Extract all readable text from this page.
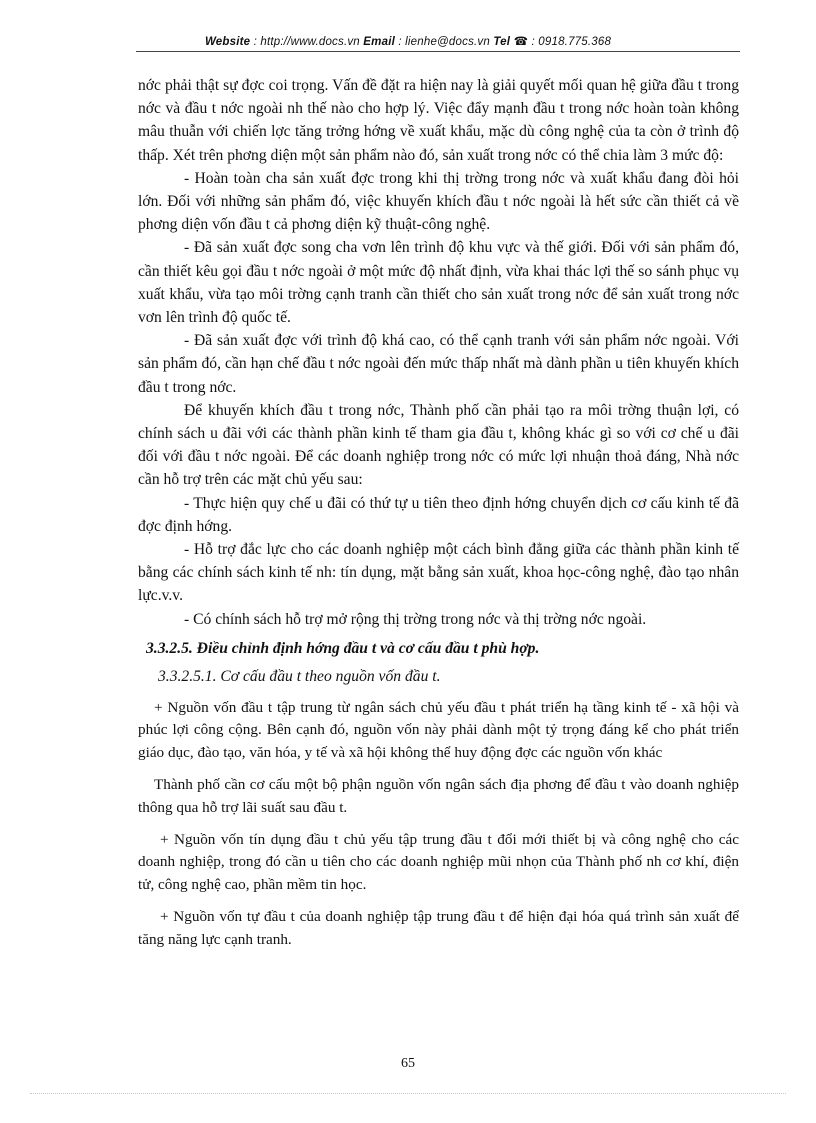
Website : http://www.docs.vn Email : lienhe@docs.vn Tel ☎ : 0918.775.368

nớc phải thật sự đợc coi trọng. Vấn đề đặt ra hiện nay là giải quyết mối quan hệ giữa đầu t trong nớc và đầu t nớc ngoài nh thế nào cho hợp lý. Việc đẩy mạnh đầu t trong nớc hoàn toàn không mâu thuẫn với chiến lợc tăng trởng hớng về xuất khẩu, mặc dù công nghệ của ta còn ở trình độ thấp. Xét trên phơng diện một sản phẩm nào đó, sản xuất trong nớc có thể chia làm 3 mức độ:

- Hoàn toàn cha sản xuất đợc trong khi thị trờng trong nớc và xuất khẩu đang đòi hỏi lớn. Đối với những sản phẩm đó, việc khuyến khích đầu t nớc ngoài là hết sức cần thiết cả về phơng diện vốn đầu t cả phơng diện kỹ thuật-công nghệ.

- Đã sản xuất đợc song cha vơn lên trình độ khu vực và thế giới. Đối với sản phẩm đó, cần thiết kêu gọi đầu t nớc ngoài ở một mức độ nhất định, vừa khai thác lợi thế so sánh phục vụ xuất khẩu, vừa tạo môi trờng cạnh tranh cần thiết cho sản xuất trong nớc để sản xuất trong nớc vơn lên trình độ quốc tế.

- Đã sản xuất đợc với trình độ khá cao, có thể cạnh tranh với sản phẩm nớc ngoài. Với sản phẩm đó, cần hạn chế đầu t nớc ngoài đến mức thấp nhất mà dành phần u tiên khuyến khích đầu t trong nớc.

Để khuyến khích đầu t trong nớc, Thành phố cần phải tạo ra môi trờng thuận lợi, có chính sách u đãi với các thành phần kinh tế tham gia đầu t, không khác gì so với cơ chế u đãi đối với đầu t nớc ngoài. Để các doanh nghiệp trong nớc có mức lợi nhuận thoả đáng, Nhà nớc cần hỗ trợ trên các mặt chủ yếu sau:

- Thực hiện quy chế u đãi có thứ tự u tiên theo định hớng chuyển dịch cơ cấu kinh tế đã đợc định hớng.

- Hỗ trợ đắc lực cho các doanh nghiệp một cách bình đẳng giữa các thành phần kinh tế bằng các chính sách kinh tế nh: tín dụng, mặt bằng sản xuất, khoa học-công nghệ, đào tạo nhân lực.v.v.

- Có chính sách hỗ trợ mở rộng thị trờng trong nớc và thị trờng nớc ngoài.

3.3.2.5. Điều chỉnh định hớng đầu t và cơ cấu đầu t phù hợp.
3.3.2.5.1. Cơ cấu đầu t theo nguồn vốn đầu t.

+ Nguồn vốn đầu t tập trung từ ngân sách chủ yếu đầu t phát triển hạ tầng kinh tế - xã hội và phúc lợi công cộng. Bên cạnh đó, nguồn vốn này phải dành một tỷ trọng đáng kể cho phát triển giáo dục, đào tạo, văn hóa, y tế và xã hội không thể huy động đợc các nguồn vốn khác

Thành phố cần cơ cấu một bộ phận nguồn vốn ngân sách địa phơng để đầu t vào doanh nghiệp thông qua hỗ trợ lãi suất sau đầu t.

+ Nguồn vốn tín dụng đầu t chủ yếu tập trung đầu t đổi mới thiết bị và công nghệ cho các doanh nghiệp, trong đó cần u tiên cho các doanh nghiệp mũi nhọn của Thành phố nh cơ khí, điện tử, công nghệ cao, phần mềm tin học.

+ Nguồn vốn tự đầu t của doanh nghiệp tập trung đầu t để hiện đại hóa quá trình sản xuất để tăng năng lực cạnh tranh.

65
